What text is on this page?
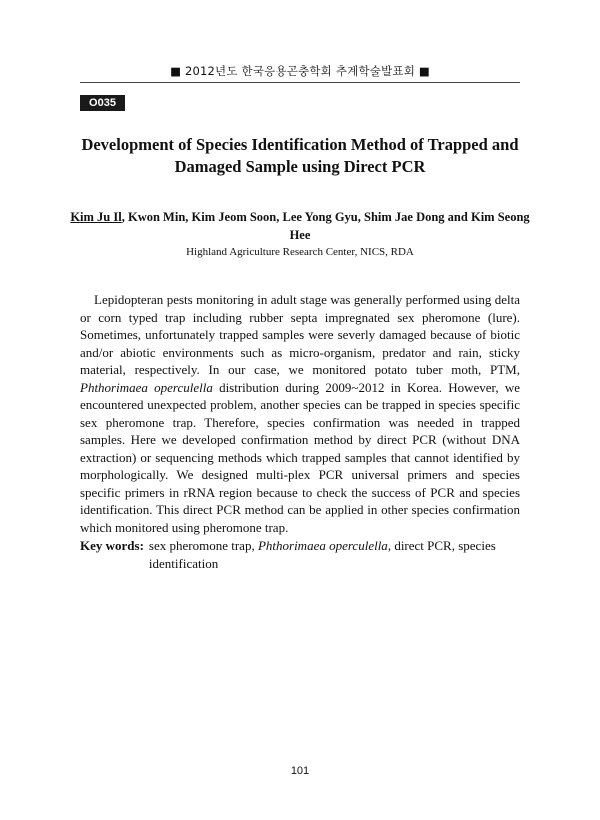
■ 2012년도 한국응용곤충학회 추계학술발표회 ■
O035
Development of Species Identification Method of Trapped and Damaged Sample using Direct PCR
Kim Ju Il, Kwon Min, Kim Jeom Soon, Lee Yong Gyu, Shim Jae Dong and Kim Seong Hee
Highland Agriculture Research Center, NICS, RDA

Lepidopteran pests monitoring in adult stage was generally performed using delta or corn typed trap including rubber septa impregnated sex pheromone (lure). Sometimes, unfortunately trapped samples were severly damaged because of biotic and/or abiotic environments such as micro-organism, predator and rain, sticky material, respectively. In our case, we monitored potato tuber moth, PTM, Phthorimaea operculella distribution during 2009~2012 in Korea. However, we encountered unexpected problem, another species can be trapped in species specific sex pheromone trap. Therefore, species confirmation was needed in trapped samples. Here we developed confirmation method by direct PCR (without DNA extraction) or sequencing methods which trapped samples that cannot identified by morphologically. We designed multi-plex PCR universal primers and species specific primers in rRNA region because to check the success of PCR and species identification. This direct PCR method can be applied in other species confirmation which monitored using pheromone trap.

Key words: sex pheromone trap, Phthorimaea operculella, direct PCR, species identification
101
